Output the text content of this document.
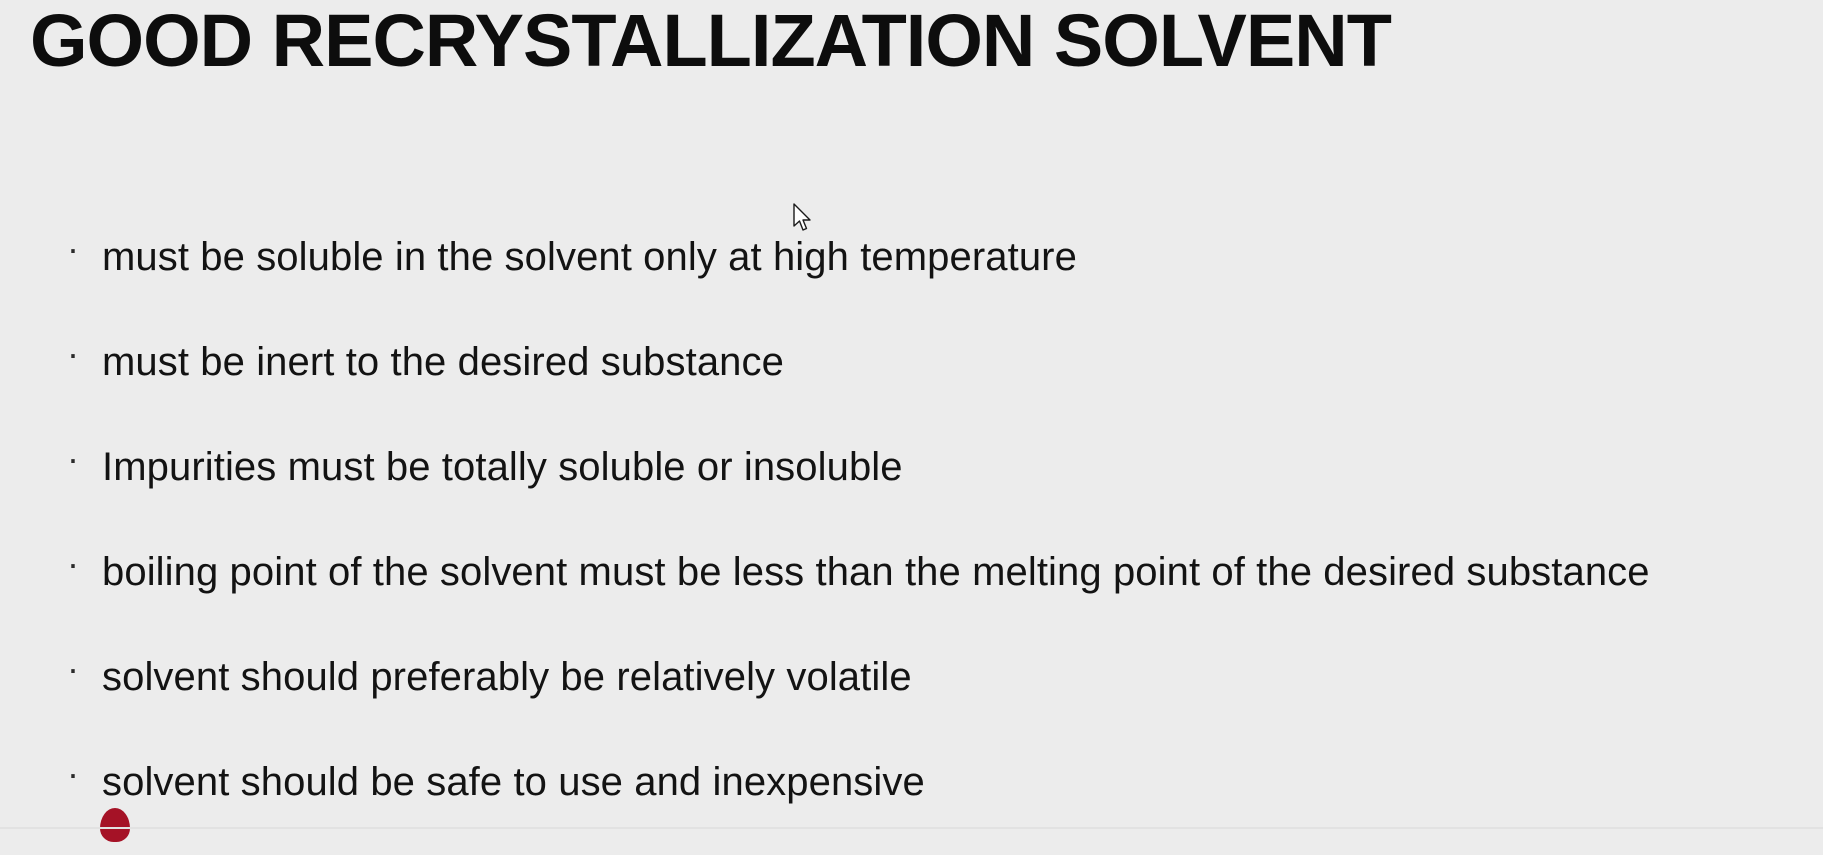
GOOD RECRYSTALLIZATION SOLVENT
· must be soluble in the solvent only at high temperature
· must be inert to the desired substance
· Impurities must be totally soluble or insoluble
· boiling point of the solvent must be less than the melting point of the desired substance
· solvent should preferably be relatively volatile
· solvent should be safe to use and inexpensive
